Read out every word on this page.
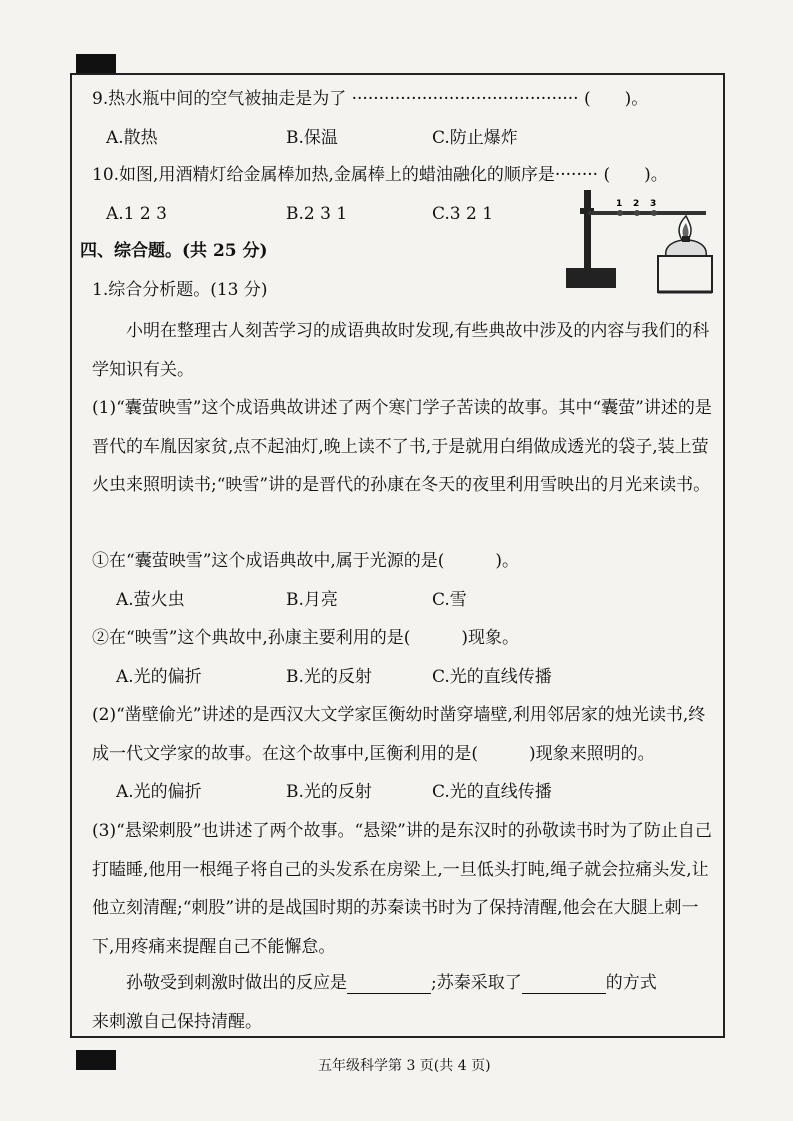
9.热水瓶中间的空气被抽走是为了 ·········································· (　　)。
A.散热	B.保温	C.防止爆炸
10.如图,用酒精灯给金属棒加热,金属棒上的蜡油融化的顺序是········ (　　)。
A.1 2 3	B.2 3 1	C.3 2 1	1 2 3
四、综合题。(共 25 分)
1.综合分析题。(13 分)
小明在整理古人刻苦学习的成语典故时发现,有些典故中涉及的内容与我们的科学知识有关。
(1)“囊萤映雪”这个成语典故讲述了两个寒门学子苦读的故事。其中“囊萤”讲述的是晋代的车胤因家贫,点不起油灯,晚上读不了书,于是就用白绢做成透光的袋子,装上萤火虫来照明读书;“映雪”讲的是晋代的孙康在冬天的夜里利用雪映出的月光来读书。
①在“囊萤映雪”这个成语典故中,属于光源的是(　　　)。
A.萤火虫	B.月亮	C.雪
②在“映雪”这个典故中,孙康主要利用的是(　　　)现象。
A.光的偏折	B.光的反射	C.光的直线传播
(2)“凿壁偷光”讲述的是西汉大文学家匡衡幼时凿穿墙壁,利用邻居家的烛光读书,终成一代文学家的故事。在这个故事中,匡衡利用的是(　　　)现象来照明的。
A.光的偏折	B.光的反射	C.光的直线传播
(3)“悬梁刺股”也讲述了两个故事。“悬梁”讲的是东汉时的孙敬读书时为了防止自己打瞌睡,他用一根绳子将自己的头发系在房梁上,一旦低头打盹,绳子就会拉痛头发,让他立刻清醒;“刺股”讲的是战国时期的苏秦读书时为了保持清醒,他会在大腿上刺一下,用疼痛来提醒自己不能懈怠。
孙敬受到刺激时做出的反应是	;苏秦采取了	的方式
来刺激自己保持清醒。
五年级科学第 3 页(共 4 页)
